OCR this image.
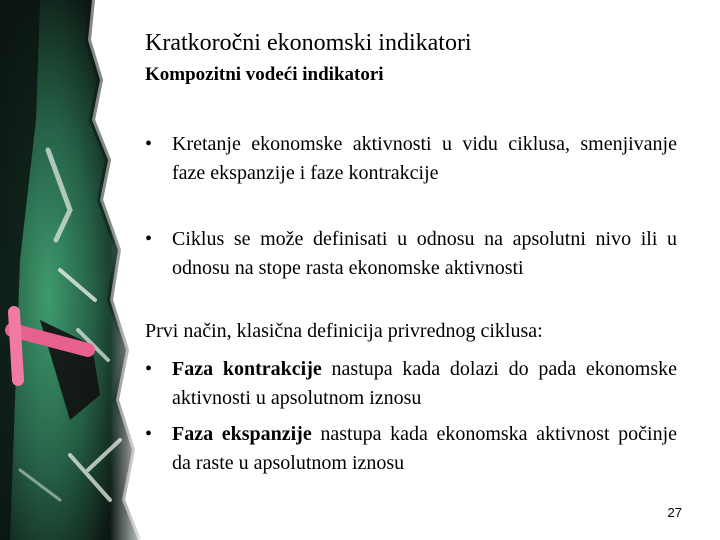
Kratkoročni ekonomski indikatori
Kompozitni vodeći indikatori
• Kretanje ekonomske aktivnosti u vidu ciklusa, smenjivanje faze ekspanzije i faze kontrakcije
• Ciklus se može definisati u odnosu na apsolutni nivo ili u odnosu na stope rasta ekonomske aktivnosti
Prvi način, klasična definicija privrednog ciklusa:
• Faza kontrakcije nastupa kada dolazi do pada ekonomske aktivnosti u apsolutnom iznosu
• Faza ekspanzije nastupa kada ekonomska aktivnost počinje da raste u apsolutnom iznosu
27
